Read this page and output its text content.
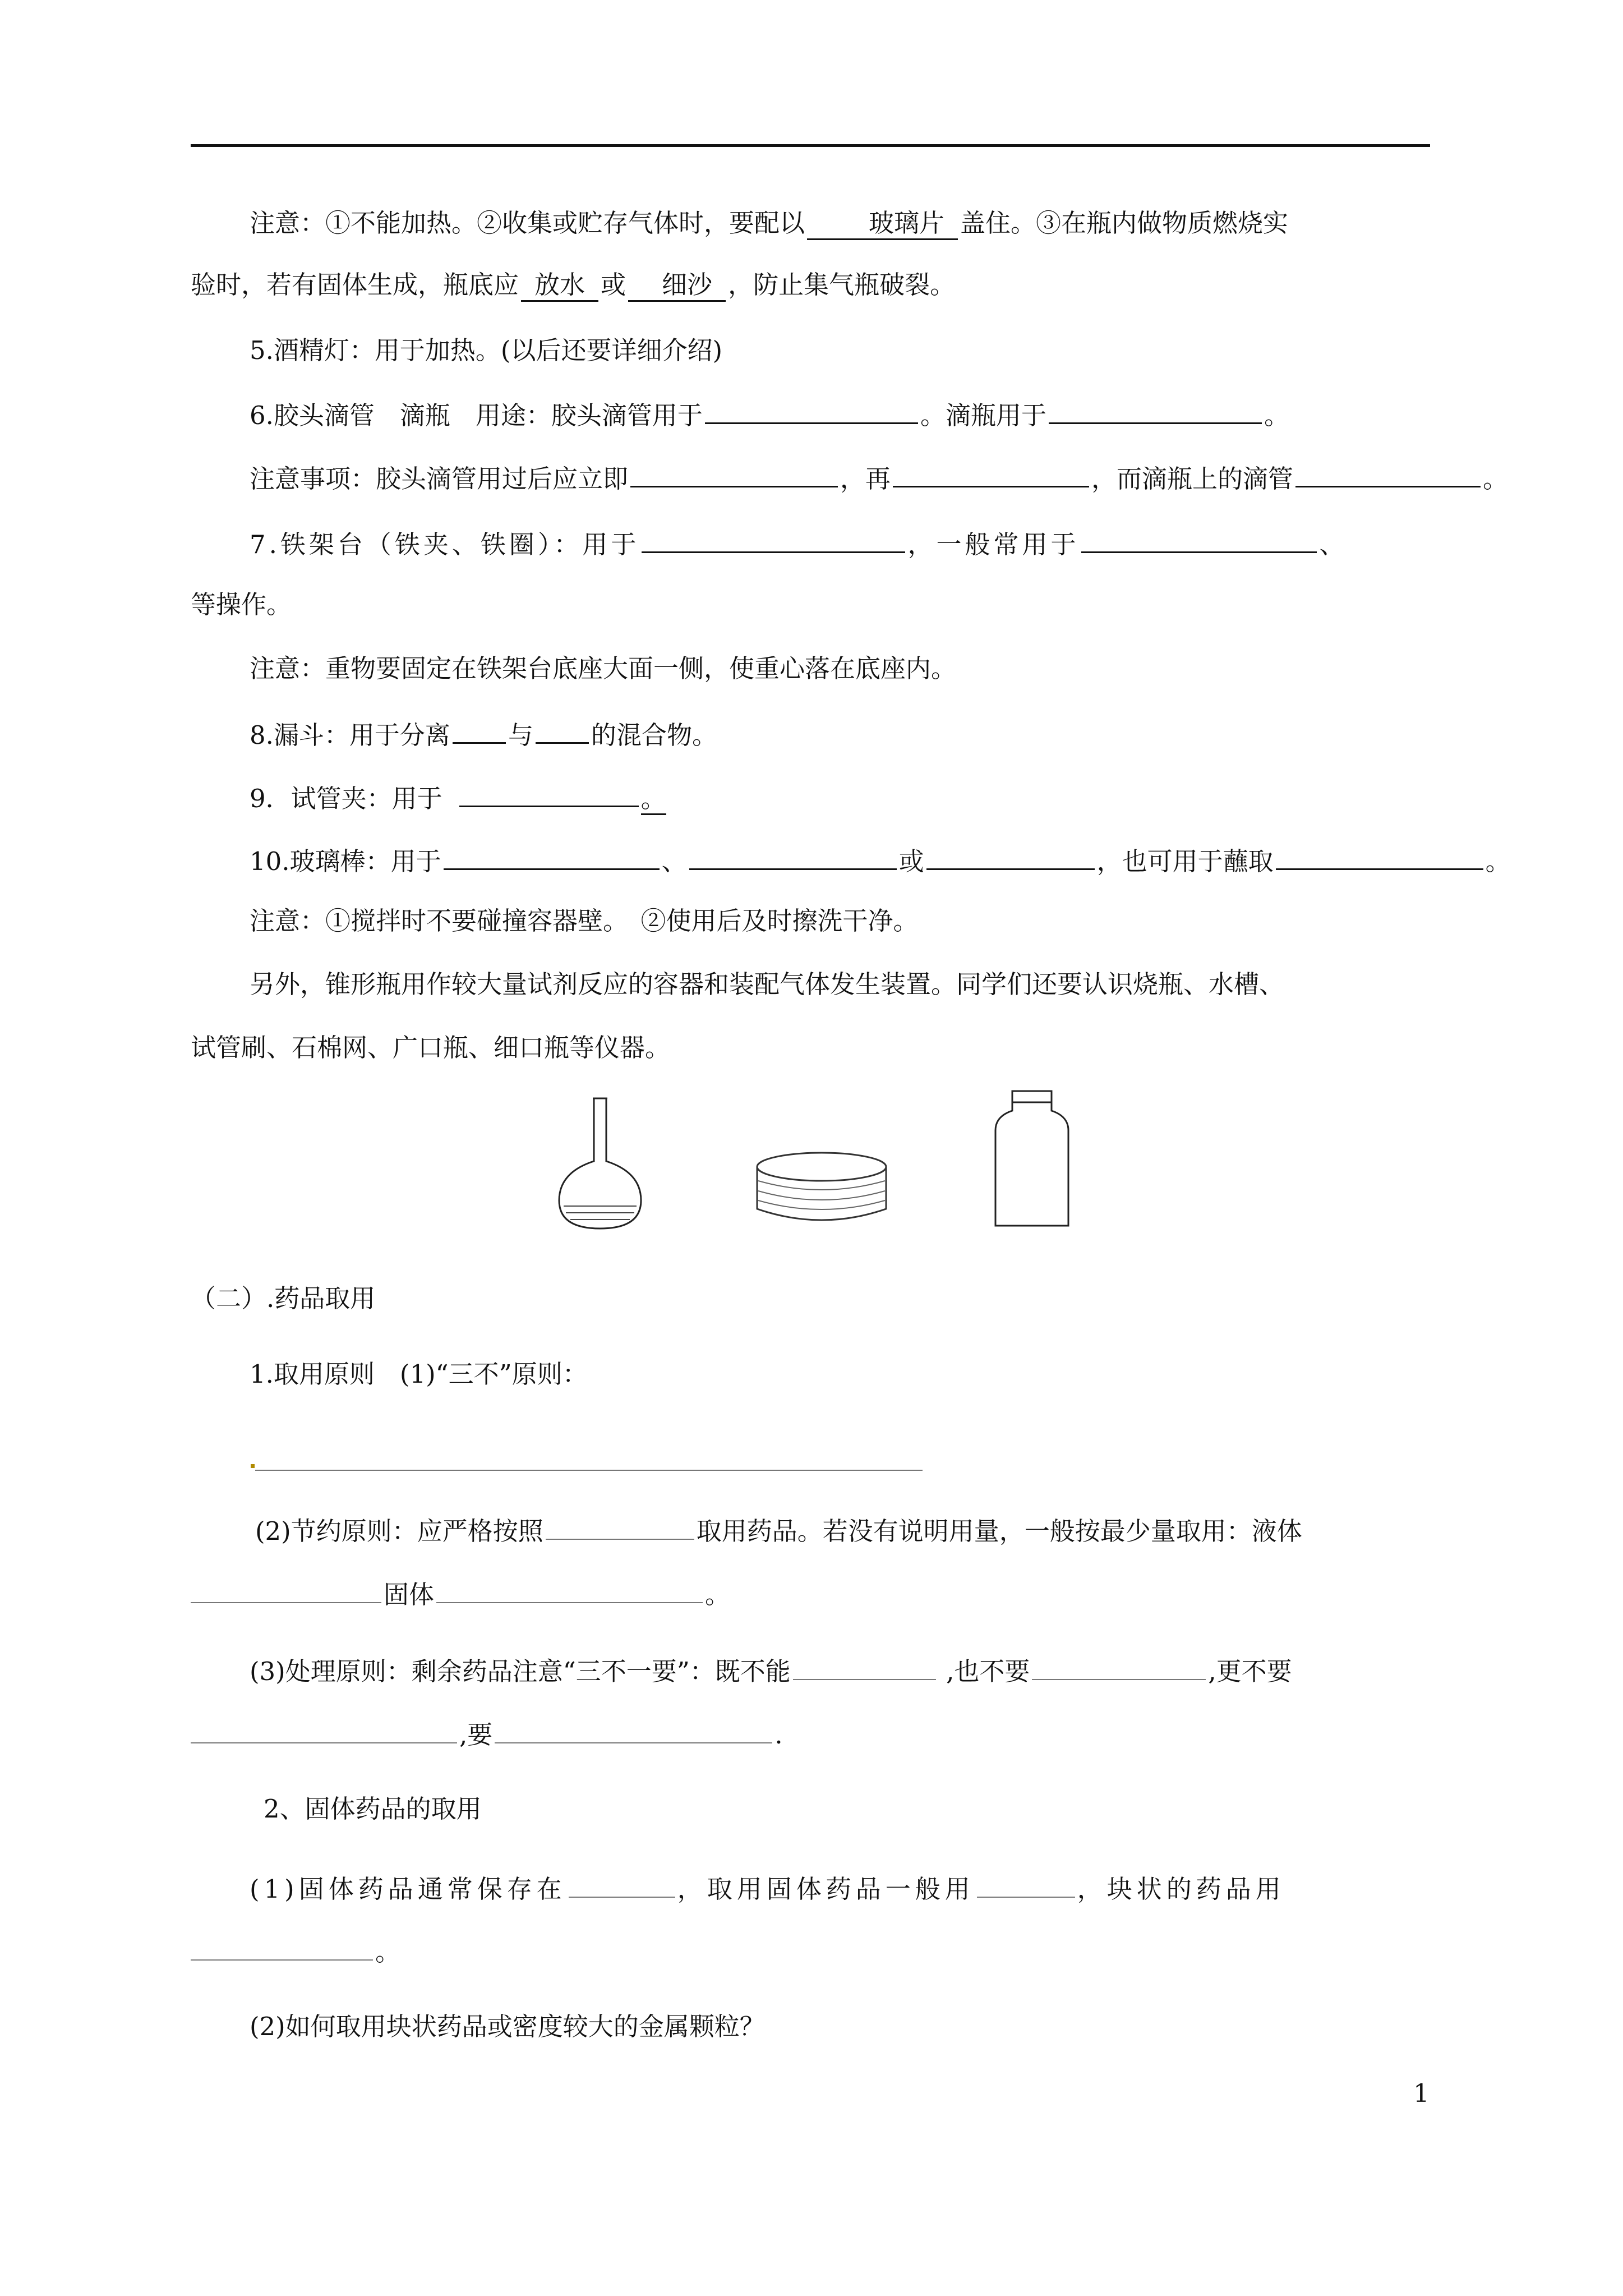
注意：①不能加热。②收集或贮存气体时，要配以	玻璃片 盖住。③在瓶内做物质燃烧实
验时，若有固体生成，瓶底应 放水 或 细沙 ，防止集气瓶破裂。
5.酒精灯：用于加热。(以后还要详细介绍)
6.胶头滴管　滴瓶　用途：胶头滴管用于	。滴瓶用于	。
注意事项：胶头滴管用过后应立即	，再	，而滴瓶上的滴管	。
7.铁架台（铁夹、铁圈）：用于	，一般常用于	、
等操作。
注意：重物要固定在铁架台底座大面一侧，使重心落在底座内。
8.漏斗：用于分离 与 的混合物。
9．试管夹：用于	。
10.玻璃棒：用于	、	或	，也可用于蘸取	。
注意：①搅拌时不要碰撞容器壁。　②使用后及时擦洗干净。
另外，锥形瓶用作较大量试剂反应的容器和装配气体发生装置。同学们还要认识烧瓶、水槽、
试管刷、石棉网、广口瓶、细口瓶等仪器。
（二）.药品取用
1.取用原则　(1)“三不”原则：
(2)节约原则：应严格按照	取用药品。若没有说明用量，一般按最少量取用：液体
固体	。
(3)处理原则：剩余药品注意“三不一要”：既不能	,也不要	,更不要
,要	.
2、固体药品的取用
(1)固体药品通常保存在	，取用固体药品一般用	，块状的药品用
。
(2)如何取用块状药品或密度较大的金属颗粒？
1
